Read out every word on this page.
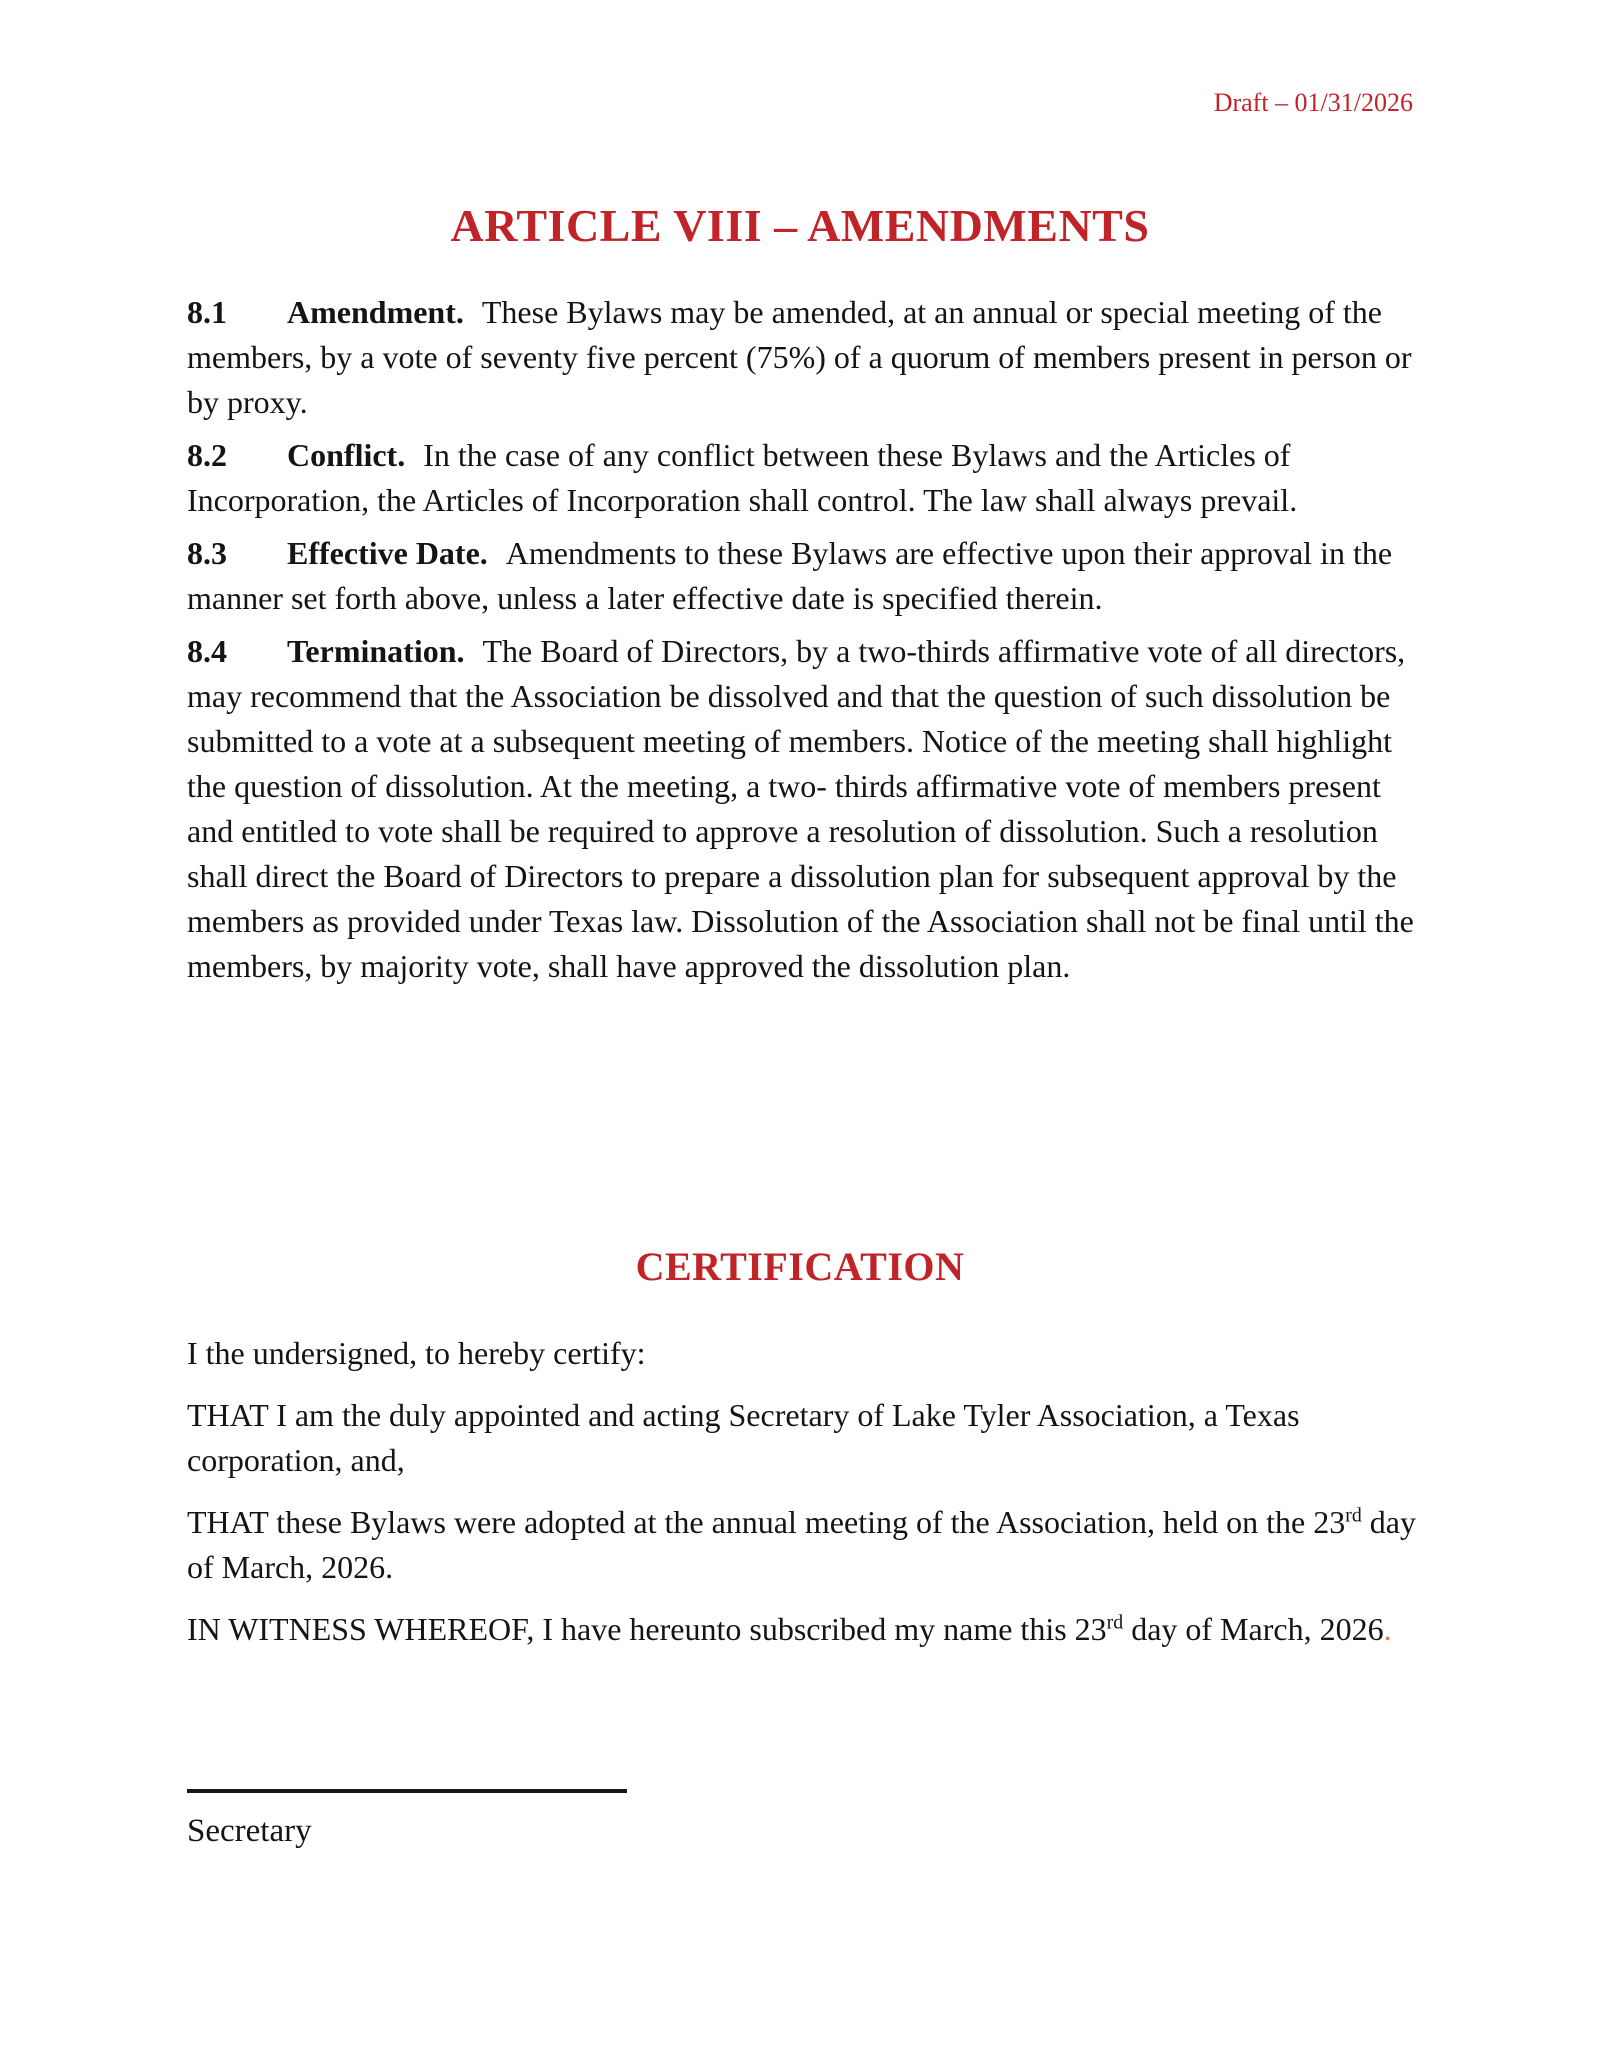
Draft – 01/31/2026
ARTICLE VIII – AMENDMENTS

8.1 Amendment. These Bylaws may be amended, at an annual or special meeting of the members, by a vote of seventy five percent (75%) of a quorum of members present in person or by proxy.

8.2 Conflict. In the case of any conflict between these Bylaws and the Articles of Incorporation, the Articles of Incorporation shall control. The law shall always prevail.

8.3 Effective Date. Amendments to these Bylaws are effective upon their approval in the manner set forth above, unless a later effective date is specified therein.

8.4 Termination. The Board of Directors, by a two-thirds affirmative vote of all directors, may recommend that the Association be dissolved and that the question of such dissolution be submitted to a vote at a subsequent meeting of members. Notice of the meeting shall highlight the question of dissolution. At the meeting, a two- thirds affirmative vote of members present and entitled to vote shall be required to approve a resolution of dissolution. Such a resolution shall direct the Board of Directors to prepare a dissolution plan for subsequent approval by the members as provided under Texas law. Dissolution of the Association shall not be final until the members, by majority vote, shall have approved the dissolution plan.

CERTIFICATION

I the undersigned, to hereby certify:

THAT I am the duly appointed and acting Secretary of Lake Tyler Association, a Texas corporation, and,

THAT these Bylaws were adopted at the annual meeting of the Association, held on the 23rd day of March, 2026.

IN WITNESS WHEREOF, I have hereunto subscribed my name this 23rd day of March, 2026.

Secretary
